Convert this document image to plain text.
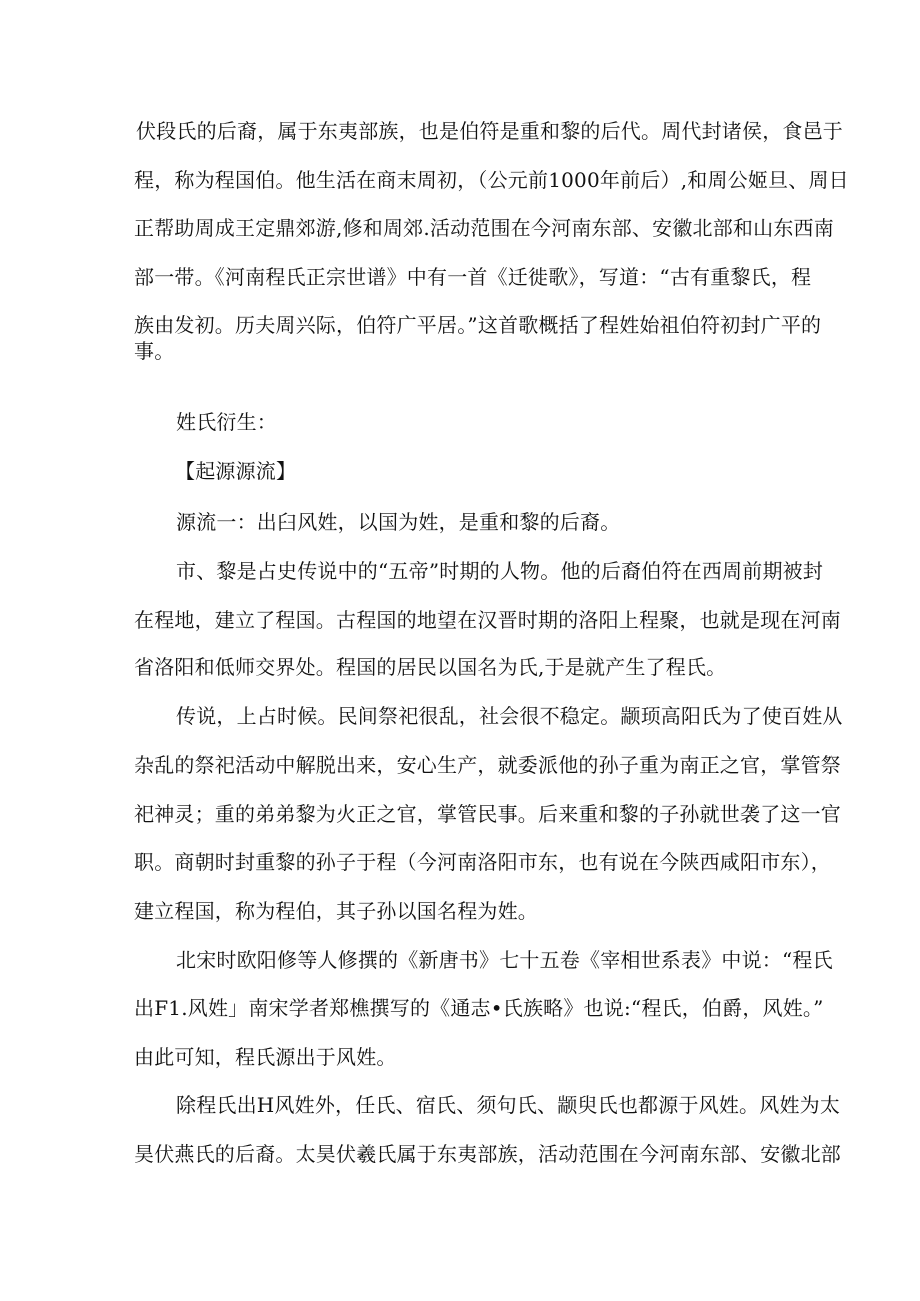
伏段氏的后裔，属于东夷部族，也是伯符是重和黎的后代。周代封诸侯，食邑于
程，称为程国伯。他生活在商末周初，（公元前1000年前后）,和周公姬旦、周日
正帮助周成王定鼎郊游,修和周郊.活动范围在今河南东部、安徽北部和山东西南
部一带。《河南程氏正宗世谱》中有一首《迁徙歌》，写道：“古有重黎氏，程
族由发初。历夫周兴际，伯符广平居。”这首歌概括了程姓始祖伯符初封广平的
事。
姓氏衍生：
【起源源流】
源流一：出臼风姓，以国为姓，是重和黎的后裔。
市、黎是占史传说中的“五帝”时期的人物。他的后裔伯符在西周前期被封
在程地，建立了程国。古程国的地望在汉晋时期的洛阳上程聚，也就是现在河南
省洛阳和低师交界处。程国的居民以国名为氏,于是就产生了程氏。
传说，上占时候。民间祭祀很乱，社会很不稳定。颛顼高阳氏为了使百姓从
杂乱的祭祀活动中解脱出来，安心生产，就委派他的孙子重为南正之官，掌管祭
祀神灵；重的弟弟黎为火正之官，掌管民事。后来重和黎的子孙就世袭了这一官
职。商朝时封重黎的孙子于程（今河南洛阳市东，也有说在今陕西咸阳市东），
建立程国，称为程伯，其子孙以国名程为姓。
北宋时欧阳修等人修撰的《新唐书》七十五卷《宰相世系表》中说：“程氏
出F1.风姓」南宋学者郑樵撰写的《通志•氏族略》也说:“程氏，伯爵，风姓。”
由此可知，程氏源出于风姓。
除程氏出H风姓外，任氏、宿氏、须句氏、颛臾氏也都源于风姓。风姓为太
昊伏燕氏的后裔。太昊伏羲氏属于东夷部族，活动范围在今河南东部、安徽北部
